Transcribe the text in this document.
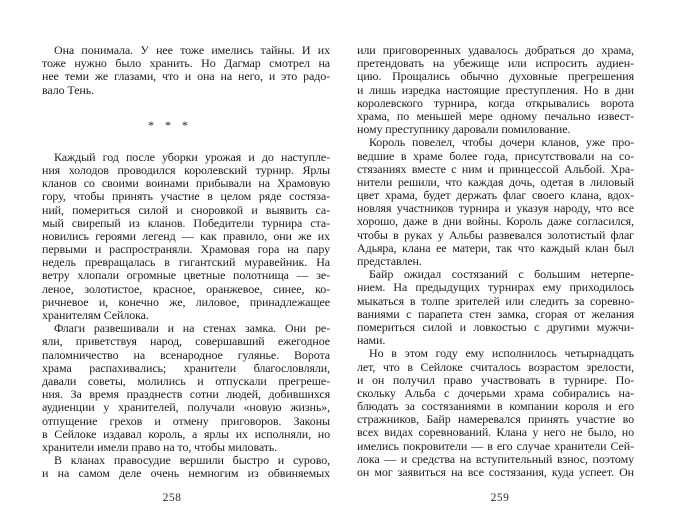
Она понимала. У нее тоже имелись тайны. И их
тоже нужно было хранить. Но Дагмар смотрел на
нее теми же глазами, что и она на него, и это радо-
вало Тень.
* * *
Каждый год после уборки урожая и до наступле-
ния холодов проводился королевский турнир. Ярлы
кланов со своими воинами прибывали на Храмовую
гору, чтобы принять участие в целом ряде состяза-
ний, помериться силой и сноровкой и выявить са-
мый свирепый из кланов. Победители турнира ста-
новились героями легенд — как правило, они же их
первыми и распространяли. Храмовая гора на пару
недель превращалась в гигантский муравейник. На
ветру хлопали огромные цветные полотнища — зе-
леное, золотистое, красное, оранжевое, синее, ко-
ричневое и, конечно же, лиловое, принадлежащее
хранителям Сейлока.
Флаги развешивали и на стенах замка. Они ре-
яли, приветствуя народ, совершавший ежегодное
паломничество на всенародное гулянье. Ворота
храма распахивались; хранители благословляли,
давали советы, молились и отпускали прегреше-
ния. За время празднеств сотни людей, добившихся
аудиенции у хранителей, получали «новую жизнь»,
отпущение грехов и отмену приговоров. Законы
в Сейлоке издавал король, а ярлы их исполняли, но
хранители имели право на то, чтобы миловать.
В кланах правосудие вершили быстро и сурово,
и на самом деле очень немногим из обвиняемых
или приговоренных удавалось добраться до храма,
претендовать на убежище или испросить аудиен-
цию. Прощались обычно духовные прегрешения
и лишь изредка настоящие преступления. Но в дни
королевского турнира, когда открывались ворота
храма, по меньшей мере одному печально извест-
ному преступнику даровали помилование.
Король повелел, чтобы дочери кланов, уже про-
ведшие в храме более года, присутствовали на со-
стязаниях вместе с ним и принцессой Альбой. Хра-
нители решили, что каждая дочь, одетая в лиловый
цвет храма, будет держать флаг своего клана, вдох-
новляя участников турнира и указуя народу, что все
хорошо, даже в дни войны. Король даже согласился,
чтобы в руках у Альбы развевался золотистый флаг
Адьяра, клана ее матери, так что каждый клан был
представлен.
Байр ожидал состязаний с большим нетерпе-
нием. На предыдущих турнирах ему приходилось
мыкаться в толпе зрителей или следить за соревно-
ваниями с парапета стен замка, сгорая от желания
помериться силой и ловкостью с другими мужчи-
нами.
Но в этом году ему исполнилось четырнадцать
лет, что в Сейлоке считалось возрастом зрелости,
и он получил право участвовать в турнире. По-
скольку Альба с дочерьми храма собирались на-
блюдать за состязаниями в компании короля и его
стражников, Байр намеревался принять участие во
всех видах соревнований. Клана у него не было, но
имелись покровители — в его случае хранители Сей-
лока — и средства на вступительный взнос, поэтому
он мог заявиться на все состязания, куда успеет. Он
258	259
